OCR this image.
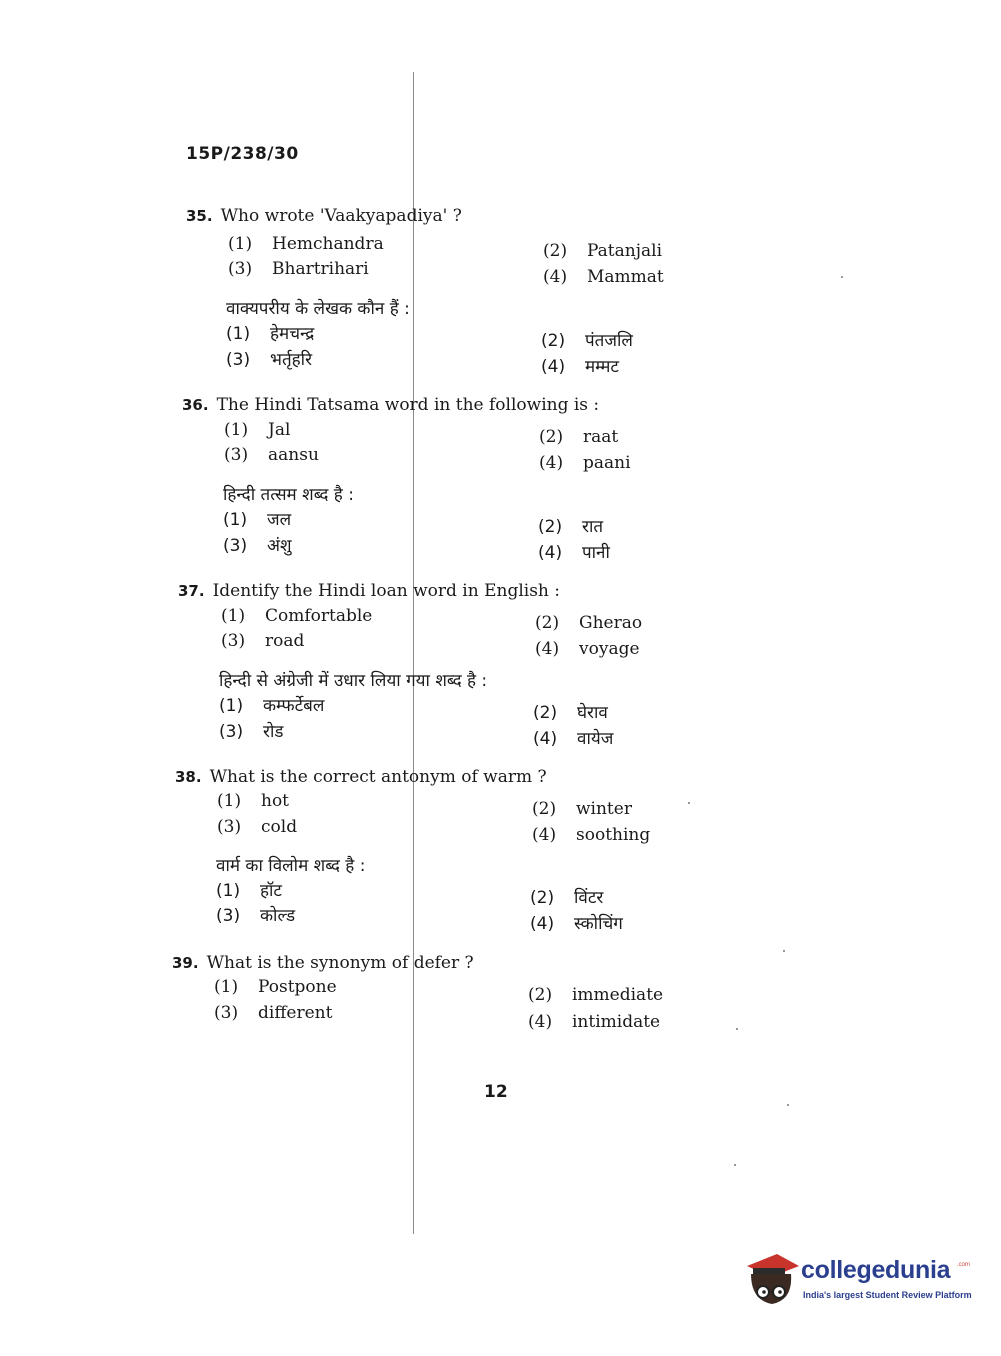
15P/238/30
35. Who wrote 'Vaakyapadiya' ?
(1) Hemchandra	(2) Patanjali
(3) Bhartrihari	(4) Mammat
वाक्यपरीय के लेखक कौन हैं :
(1) हेमचन्द्र	(2) पंतजलि
(3) भर्तृहरि	(4) मम्मट
36. The Hindi Tatsama word in the following is :
(1) Jal	(2) raat
(3) aansu	(4) paani
हिन्दी तत्सम शब्द है :
(1) जल	(2) रात
(3) अंशु	(4) पानी
37. Identify the Hindi loan word in English :
(1) Comfortable	(2) Gherao
(3) road	(4) voyage
हिन्दी से अंग्रेजी में उधार लिया गया शब्द है :
(1) कम्फर्टेबल	(2) घेराव
(3) रोड	(4) वायेज
38. What is the correct antonym of warm ?
(1) hot	(2) winter
(3) cold	(4) soothing
वार्म का विलोम शब्द है :
(1) हॉट	(2) विंटर
(3) कोल्ड	(4) स्कोचिंग
39. What is the synonym of defer ?
(1) Postpone	(2) immediate
(3) different	(4) intimidate
12
collegedunia .com
India's largest Student Review Platform
